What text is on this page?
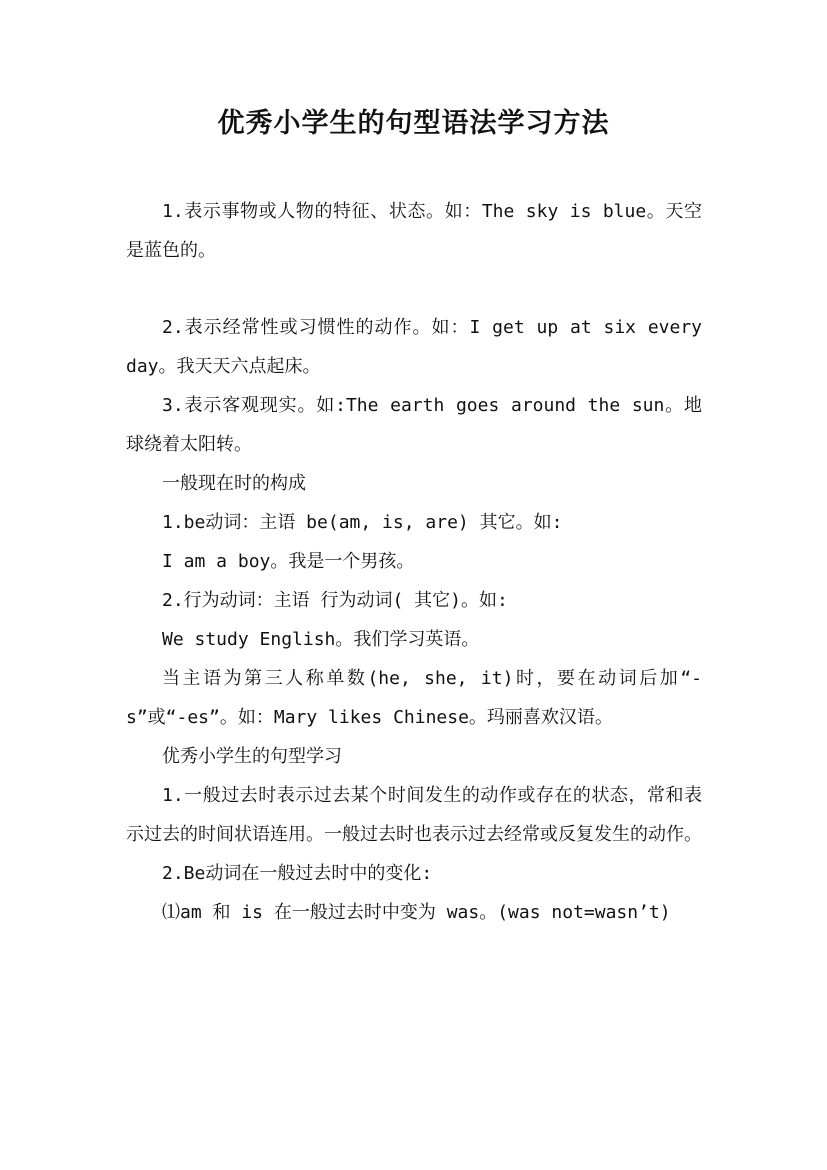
优秀小学生的句型语法学习方法

1.表示事物或人物的特征、状态。如：The sky is blue。天空是蓝色的。

2.表示经常性或习惯性的动作。如：I get up at six every day。我天天六点起床。

3.表示客观现实。如:The earth goes around the sun。地球绕着太阳转。

一般现在时的构成

1.be动词：主语 be(am, is, are) 其它。如:

I am a boy。我是一个男孩。

2.行为动词：主语 行为动词( 其它)。如:

We study English。我们学习英语。

当主语为第三人称单数(he, she, it)时，要在动词后加“-s”或“-es”。如：Mary likes Chinese。玛丽喜欢汉语。

优秀小学生的句型学习

1.一般过去时表示过去某个时间发生的动作或存在的状态，常和表示过去的时间状语连用。一般过去时也表示过去经常或反复发生的动作。

2.Be动词在一般过去时中的变化:

⑴am 和 is 在一般过去时中变为 was。(was not=wasn’t)
